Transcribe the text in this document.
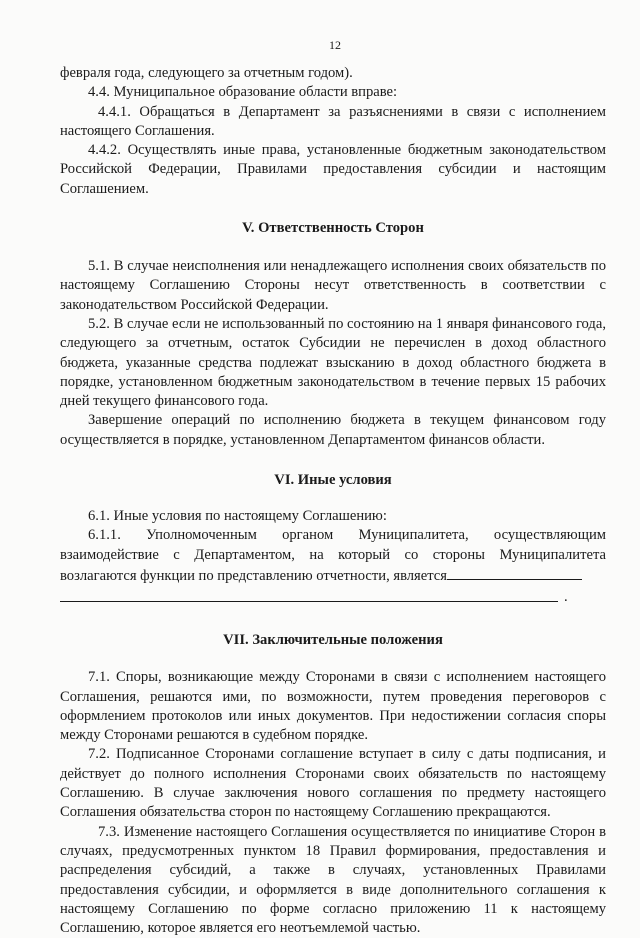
12

февраля года, следующего за отчетным годом).

4.4. Муниципальное образование области вправе:

4.4.1. Обращаться в Департамент за разъяснениями в связи с исполнением настоящего Соглашения.

4.4.2. Осуществлять иные права, установленные бюджетным законодательством Российской Федерации, Правилами предоставления субсидии и настоящим Соглашением.

V. Ответственность Сторон

5.1. В случае неисполнения или ненадлежащего исполнения своих обязательств по настоящему Соглашению Стороны несут ответственность в соответствии с законодательством Российской Федерации.

5.2. В случае если не использованный по состоянию на 1 января финансового года, следующего за отчетным, остаток Субсидии не перечислен в доход областного бюджета, указанные средства подлежат взысканию в доход областного бюджета в порядке, установленном бюджетным законодательством в течение первых 15 рабочих дней текущего финансового года.

Завершение операций по исполнению бюджета в текущем финансовом году осуществляется в порядке, установленном Департаментом финансов области.

VI. Иные условия

6.1. Иные условия по настоящему Соглашению:

6.1.1. Уполномоченным органом Муниципалитета, осуществляющим взаимодействие с Департаментом, на который со стороны Муниципалитета возлагаются функции по представлению отчетности, является

.
VII. Заключительные положения

7.1. Споры, возникающие между Сторонами в связи с исполнением настоящего Соглашения, решаются ими, по возможности, путем проведения переговоров с оформлением протоколов или иных документов. При недостижении согласия споры между Сторонами решаются в судебном порядке.

7.2. Подписанное Сторонами соглашение вступает в силу с даты подписания, и действует до полного исполнения Сторонами своих обязательств по настоящему Соглашению. В случае заключения нового соглашения по предмету настоящего Соглашения обязательства сторон по настоящему Соглашению прекращаются.

7.3. Изменение настоящего Соглашения осуществляется по инициативе Сторон в случаях, предусмотренных пунктом 18 Правил формирования, предоставления и распределения субсидий, а также в случаях, установленных Правилами предоставления субсидии, и оформляется в виде дополнительного соглашения к настоящему Соглашению по форме согласно приложению 11 к настоящему Соглашению, которое является его неотъемлемой частью.
